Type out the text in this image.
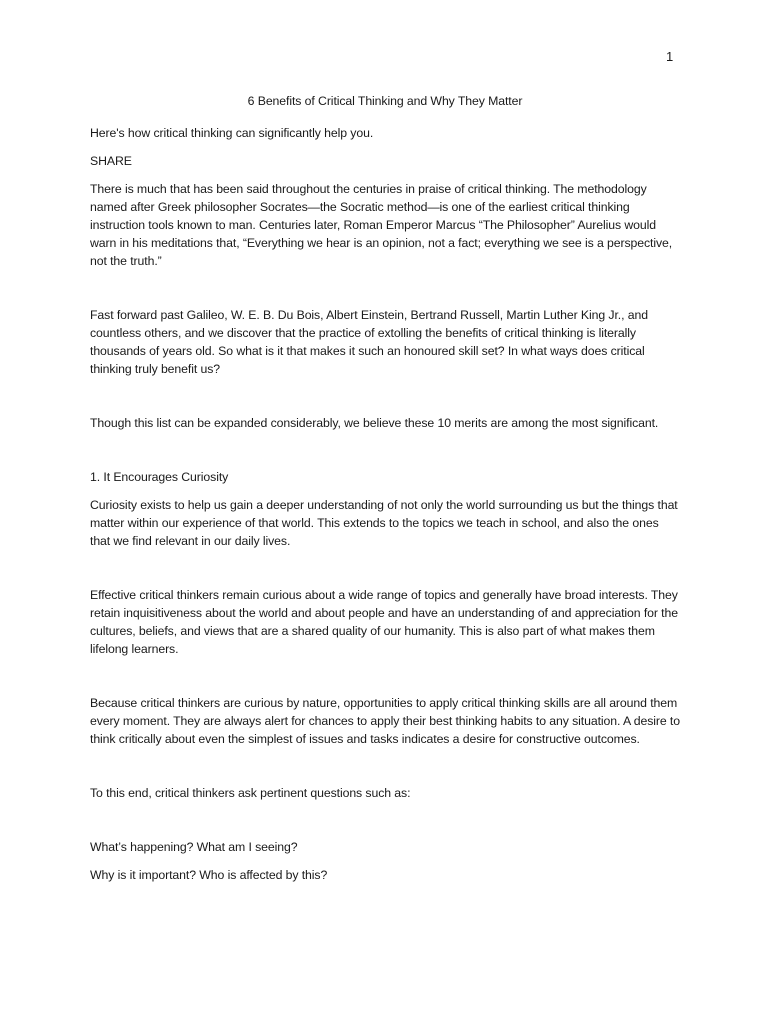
1

6 Benefits of Critical Thinking and Why They Matter

Here's how critical thinking can significantly help you.

SHARE

There is much that has been said throughout the centuries in praise of critical thinking. The methodology named after Greek philosopher Socrates—the Socratic method—is one of the earliest critical thinking instruction tools known to man. Centuries later, Roman Emperor Marcus “The Philosopher” Aurelius would warn in his meditations that, “Everything we hear is an opinion, not a fact; everything we see is a perspective, not the truth.”

Fast forward past Galileo, W. E. B. Du Bois, Albert Einstein, Bertrand Russell, Martin Luther King Jr., and countless others, and we discover that the practice of extolling the benefits of critical thinking is literally thousands of years old. So what is it that makes it such an honoured skill set? In what ways does critical thinking truly benefit us?

Though this list can be expanded considerably, we believe these 10 merits are among the most significant.

1. It Encourages Curiosity

Curiosity exists to help us gain a deeper understanding of not only the world surrounding us but the things that matter within our experience of that world. This extends to the topics we teach in school, and also the ones that we find relevant in our daily lives.

Effective critical thinkers remain curious about a wide range of topics and generally have broad interests. They retain inquisitiveness about the world and about people and have an understanding of and appreciation for the cultures, beliefs, and views that are a shared quality of our humanity. This is also part of what makes them lifelong learners.

Because critical thinkers are curious by nature, opportunities to apply critical thinking skills are all around them every moment. They are always alert for chances to apply their best thinking habits to any situation. A desire to think critically about even the simplest of issues and tasks indicates a desire for constructive outcomes.

To this end, critical thinkers ask pertinent questions such as:

What’s happening? What am I seeing?

Why is it important? Who is affected by this?
